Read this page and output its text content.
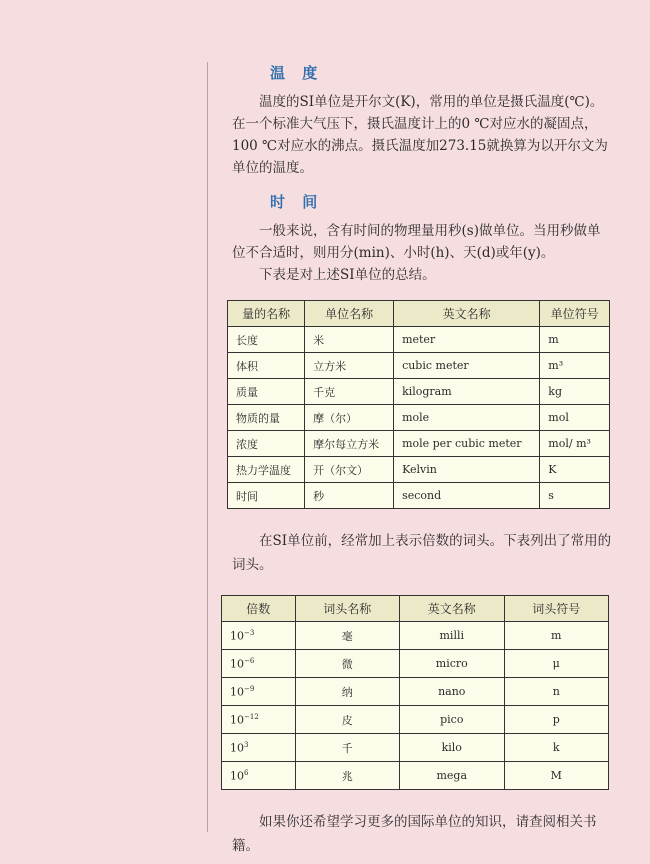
温 度

温度的SI单位是开尔文(K)，常用的单位是摄氏温度(℃)。在一个标准大气压下，摄氏温度计上的0 ℃对应水的凝固点，100 ℃对应水的沸点。摄氏温度加273.15就换算为以开尔文为单位的温度。

时 间

一般来说，含有时间的物理量用秒(s)做单位。当用秒做单位不合适时，则用分(min)、小时(h)、天(d)或年(y)。

下表是对上述SI单位的总结。

量的名称	单位名称	英文名称	单位符号
长度	米	meter	m
体积	立方米	cubic meter	m³
质量	千克	kilogram	kg
物质的量	摩（尔）	mole	mol
浓度	摩尔每立方米	mole per cubic meter	mol/ m³
热力学温度	开（尔文）	Kelvin	K
时间	秒	second	s

在SI单位前，经常加上表示倍数的词头。下表列出了常用的词头。

倍数	词头名称	英文名称	词头符号
$10^{-3}$	毫	milli	m
$10^{-6}$	微	micro	μ
$10^{-9}$	纳	nano	n
$10^{-12}$	皮	pico	p
$10^3$	千	kilo	k
$10^6$	兆	mega	M

如果你还希望学习更多的国际单位的知识，请查阅相关书籍。
